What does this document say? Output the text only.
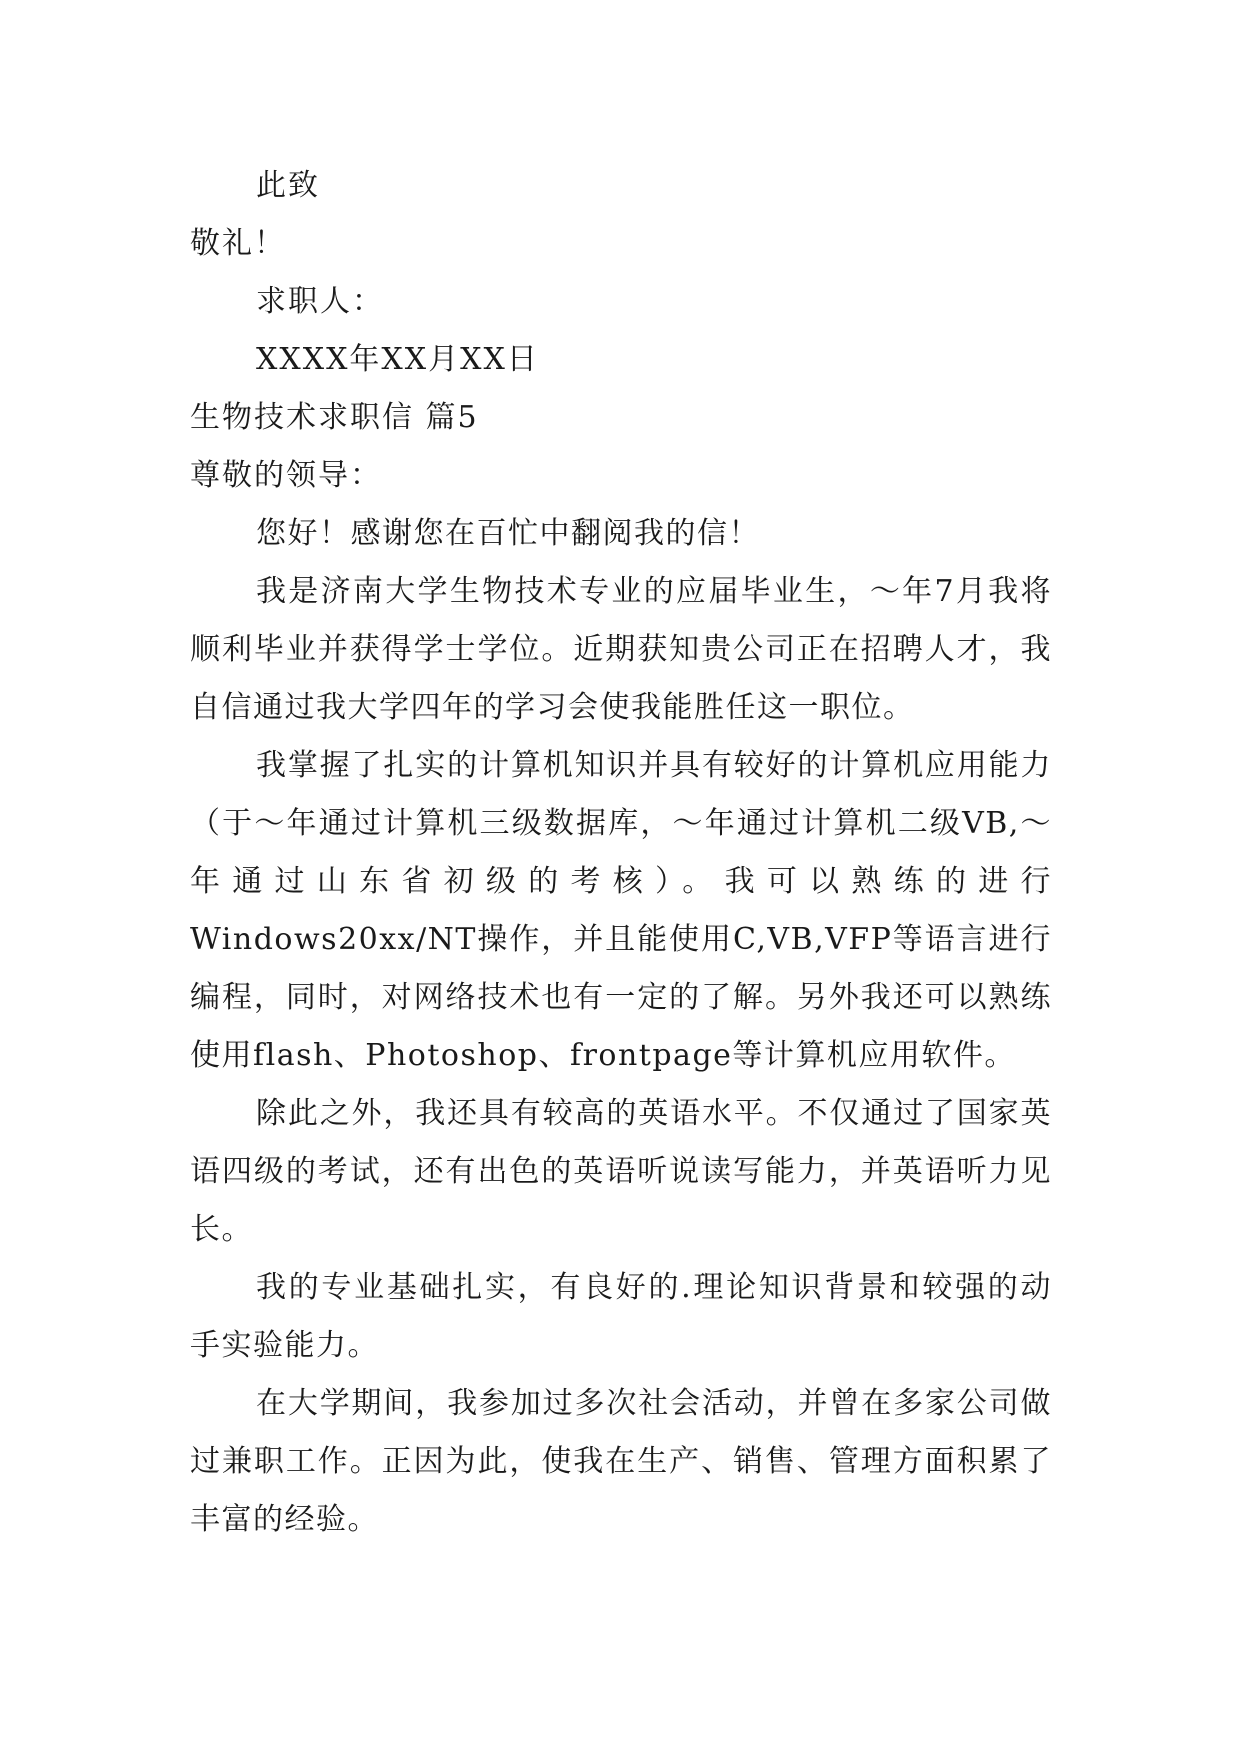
此致
敬礼！
求职人：
XXXX年XX月XX日
生物技术求职信 篇5
尊敬的领导：
您好！感谢您在百忙中翻阅我的信！
我是济南大学生物技术专业的应届毕业生，～年7月我将顺利毕业并获得学士学位。近期获知贵公司正在招聘人才，我自信通过我大学四年的学习会使我能胜任这一职位。
我掌握了扎实的计算机知识并具有较好的计算机应用能力（于～年通过计算机三级数据库，～年通过计算机二级VB,～年通过山东省初级的考核）。我可以熟练的进行Windows20xx/NT操作，并且能使用C,VB,VFP等语言进行编程，同时，对网络技术也有一定的了解。另外我还可以熟练使用flash、Photoshop、frontpage等计算机应用软件。
除此之外，我还具有较高的英语水平。不仅通过了国家英语四级的考试，还有出色的英语听说读写能力，并英语听力见长。
我的专业基础扎实，有良好的.理论知识背景和较强的动手实验能力。
在大学期间，我参加过多次社会活动，并曾在多家公司做过兼职工作。正因为此，使我在生产、销售、管理方面积累了丰富的经验。
